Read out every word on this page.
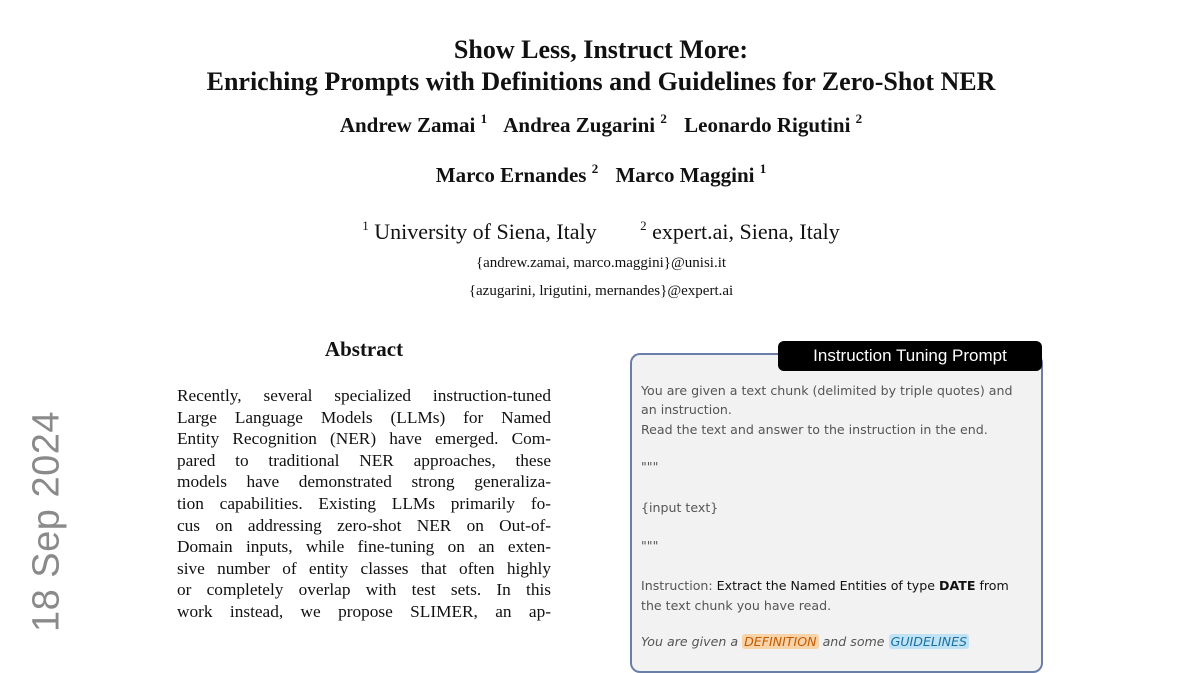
Show Less, Instruct More:
Enriching Prompts with Definitions and Guidelines for Zero-Shot NER
Andrew Zamai $^1$ Andrea Zugarini $^2$ Leonardo Rigutini $^2$
Marco Ernandes $^2$ Marco Maggini $^1$
$^1$ University of Siena, Italy	$^2$ expert.ai, Siena, Italy
{andrew.zamai, marco.maggini}@unisi.it
{azugarini, lrigutini, mernandes}@expert.ai
18 Sep 2024
Abstract
Recently, several specialized instruction-tuned
Large Language Models (LLMs) for Named
Entity Recognition (NER) have emerged. Com-
pared to traditional NER approaches, these
models have demonstrated strong generaliza-
tion capabilities. Existing LLMs primarily fo-
cus on addressing zero-shot NER on Out-of-
Domain inputs, while fine-tuning on an exten-
sive number of entity classes that often highly
or completely overlap with test sets. In this
work instead, we propose SLIMER, an ap-
Instruction Tuning Prompt
You are given a text chunk (delimited by triple quotes) and
an instruction.
Read the text and answer to the instruction in the end.
"""
{input text}
"""
Instruction: Extract the Named Entities of type DATE from
the text chunk you have read.
You are given a DEFINITION and some GUIDELINES
